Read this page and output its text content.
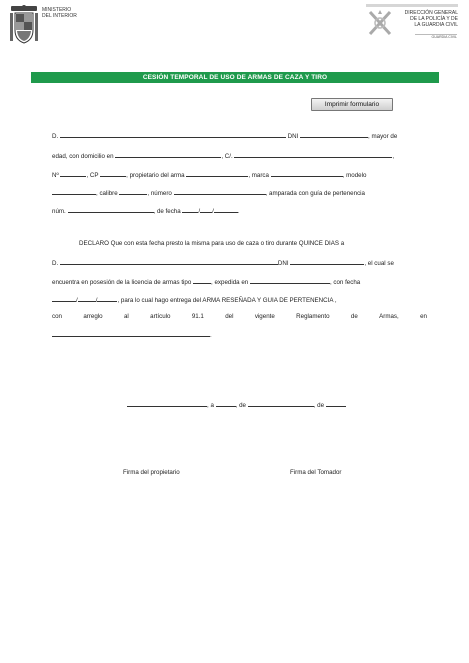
MINISTERIO
DEL INTERIOR	DIRECCIÓN GENERAL
DE LA POLICÍA Y DE
LA GUARDIA CIVIL
GUARDIA CIVIL
CESIÓN TEMPORAL DE USO DE ARMAS DE CAZA Y TIRO
Imprimir formulario
D.	DNI	, mayor de
edad, con domicilio en	, C/.	,
Nº	, CP	, propietario del arma	, marca	, modelo
, calibre	, número	, amparada con guía de pertenencia
núm.	, de fecha	/ /	.
DECLARO Que con esta fecha presto la misma para uso de caza o tiro durante QUINCE DIAS a
D.	DNI	, el cual se
encuentra en posesión de la licencia de armas tipo	, expedida en	, con fecha
/	/	, para lo cual hago entrega del ARMA RESEÑADA Y GUIA DE PERTENENCIA ,
con	arreglo	al	artículo	91.1	del	vigente	Reglamento	de	Armas,	en
.
, a	, de	, de
Firma del propietario	Firma del Tomador
